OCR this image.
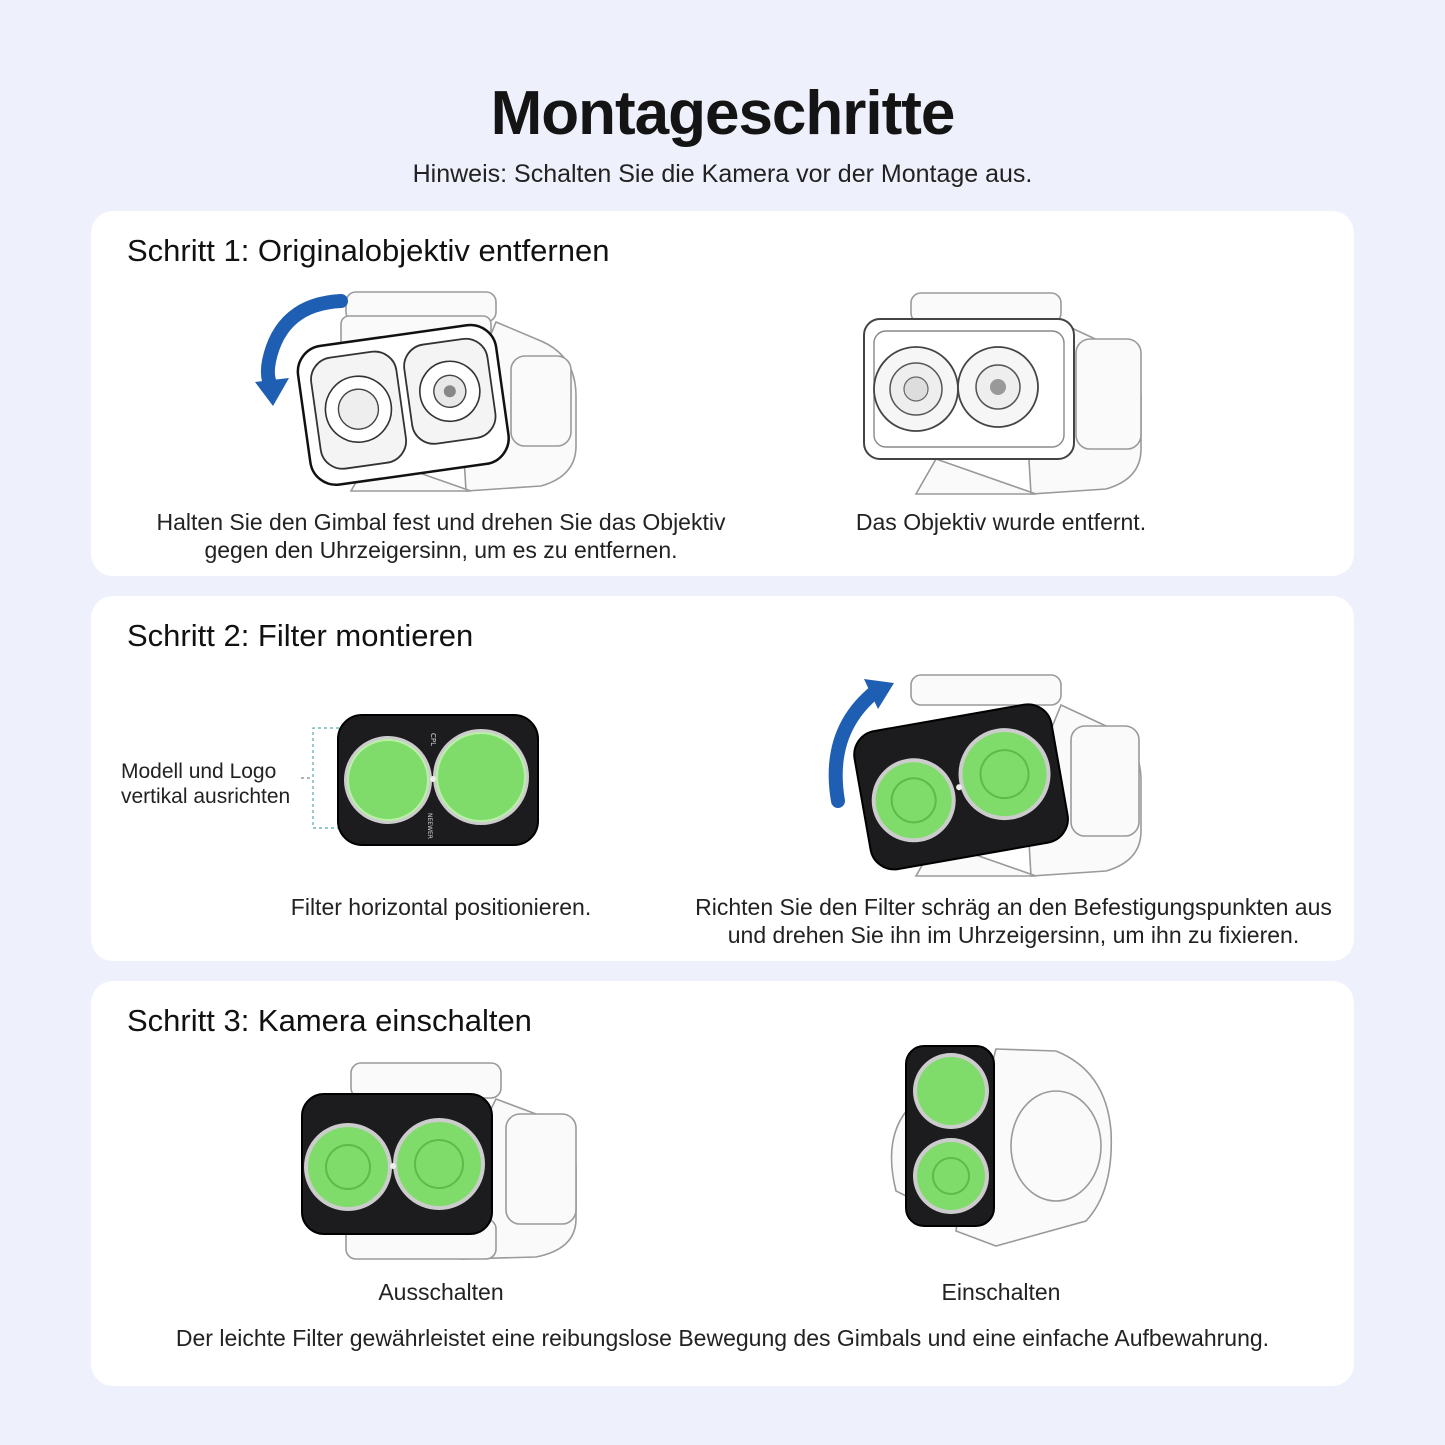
Montageschritte
Hinweis: Schalten Sie die Kamera vor der Montage aus.
Schritt 1: Originalobjektiv entfernen
Halten Sie den Gimbal fest und drehen Sie das Objektiv gegen den Uhrzeigersinn, um es zu entfernen.
Das Objektiv wurde entfernt.
Schritt 2: Filter montieren
Modell und Logo vertikal ausrichten
CPL
NEEWER
Filter horizontal positionieren.	Richten Sie den Filter schräg an den Befestigungspunkten aus und drehen Sie ihn im Uhrzeigersinn, um ihn zu fixieren.
Schritt 3: Kamera einschalten
Ausschalten	Einschalten
Der leichte Filter gewährleistet eine reibungslose Bewegung des Gimbals und eine einfache Aufbewahrung.
